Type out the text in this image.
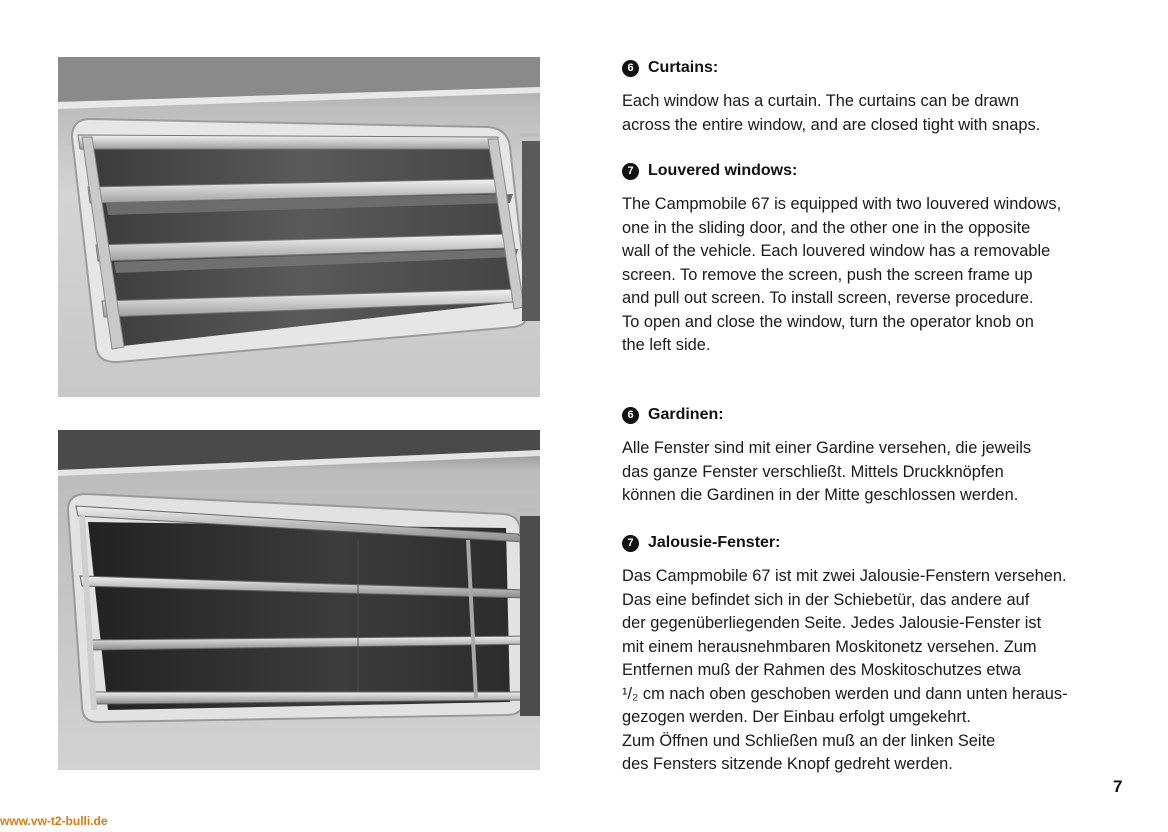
6 Curtains:
Each window has a curtain. The curtains can be drawn
across the entire window, and are closed tight with snaps.
7 Louvered windows:
The Campmobile 67 is equipped with two louvered windows,
one in the sliding door, and the other one in the opposite
wall of the vehicle. Each louvered window has a removable
screen. To remove the screen, push the screen frame up
and pull out screen. To install screen, reverse procedure.
To open and close the window, turn the operator knob on
the left side.
6 Gardinen:
Alle Fenster sind mit einer Gardine versehen, die jeweils
das ganze Fenster verschließt. Mittels Druckknöpfen
können die Gardinen in der Mitte geschlossen werden.
7 Jalousie-Fenster:
Das Campmobile 67 ist mit zwei Jalousie-Fenstern versehen.
Das eine befindet sich in der Schiebetür, das andere auf
der gegenüberliegenden Seite. Jedes Jalousie-Fenster ist
mit einem herausnehmbaren Moskitonetz versehen. Zum
Entfernen muß der Rahmen des Moskitoschutzes etwa
¹/₂ cm nach oben geschoben werden und dann unten heraus-
gezogen werden. Der Einbau erfolgt umgekehrt.
Zum Öffnen und Schließen muß an der linken Seite
des Fensters sitzende Knopf gedreht werden.
7
www.vw-t2-bulli.de
